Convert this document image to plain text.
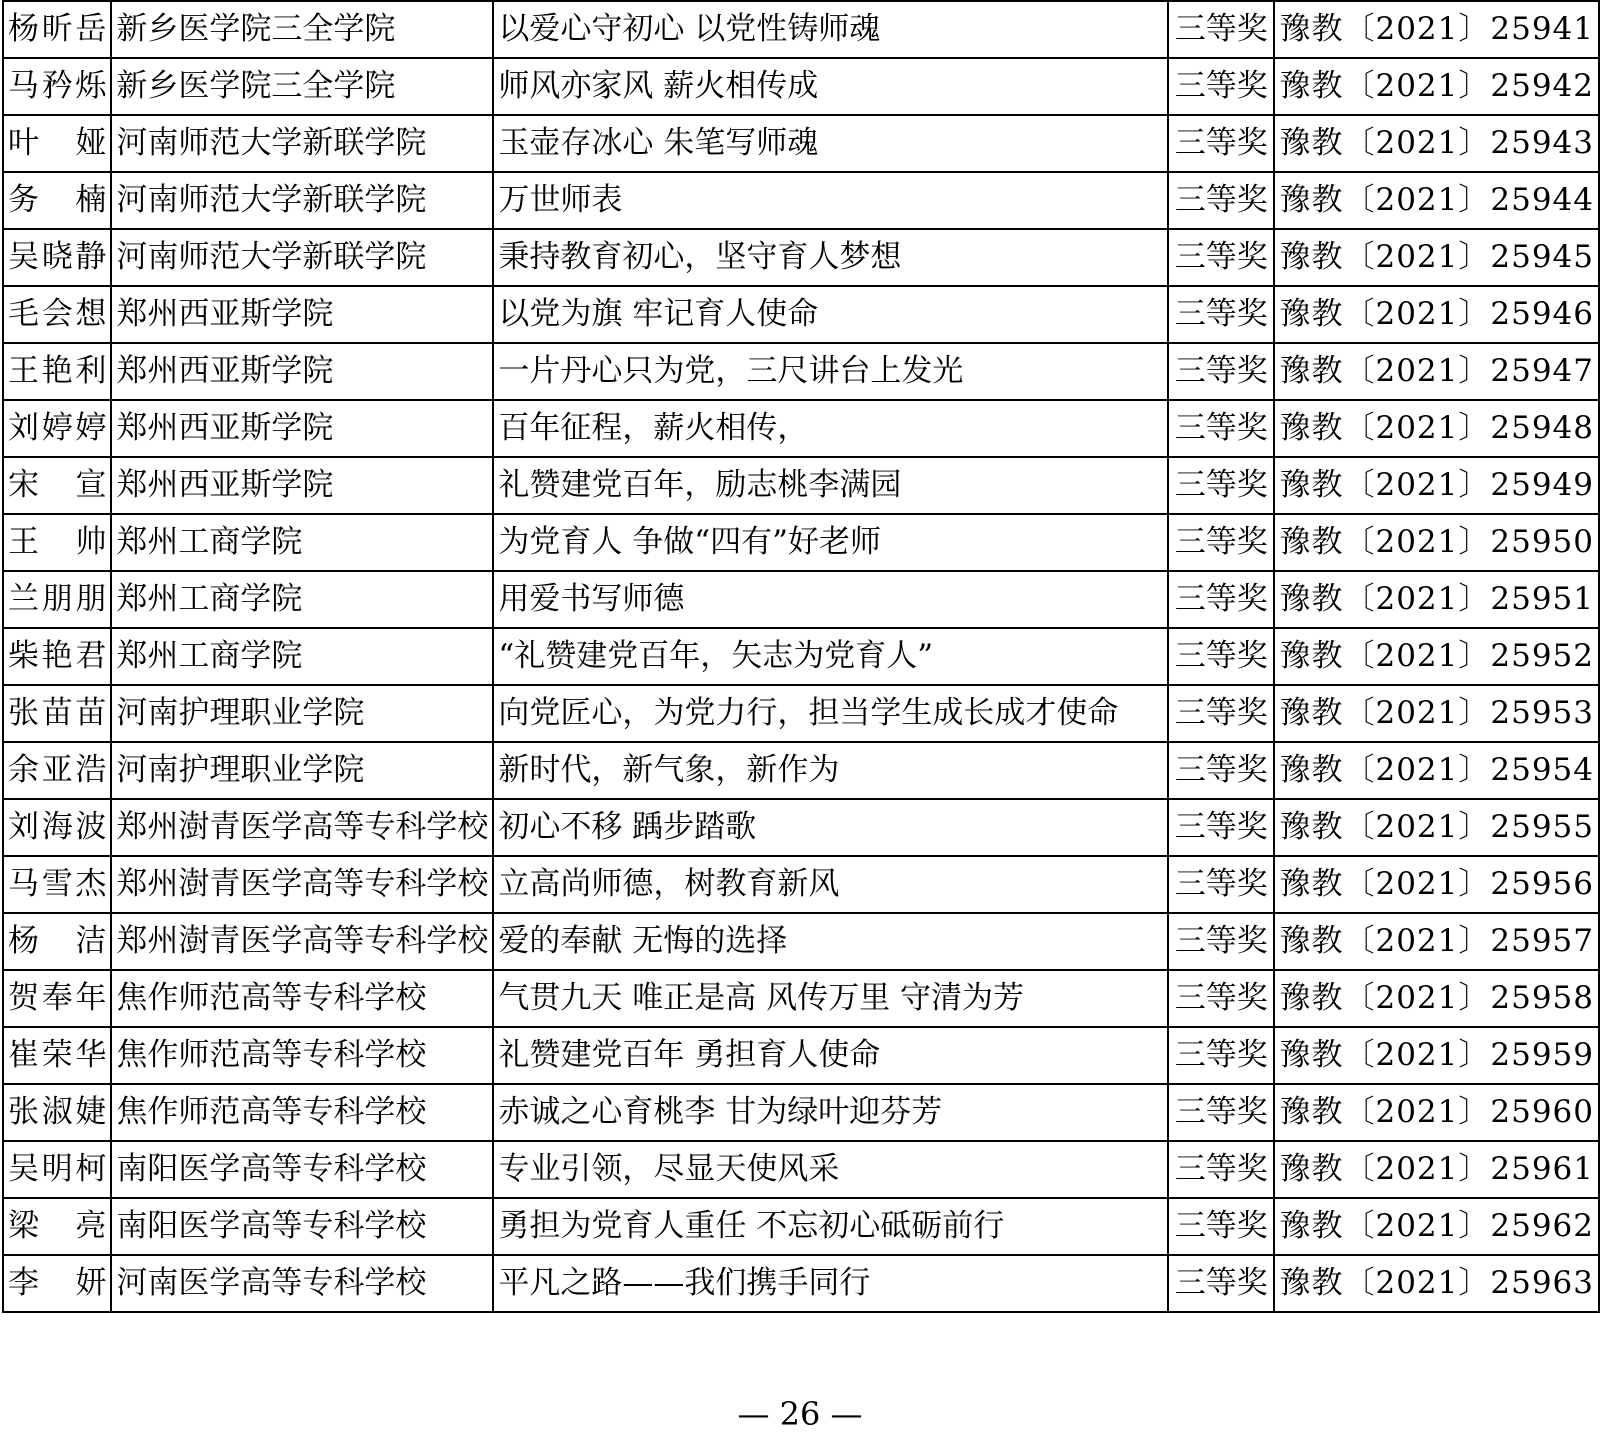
杨昕岳	新乡医学院三全学院	以爱心守初心 以党性铸师魂	三等奖	豫教〔2021〕25941
马矜烁	新乡医学院三全学院	师风亦家风 薪火相传成	三等奖	豫教〔2021〕25942
叶 娅	河南师范大学新联学院	玉壶存冰心 朱笔写师魂	三等奖	豫教〔2021〕25943
务 楠	河南师范大学新联学院	万世师表	三等奖	豫教〔2021〕25944
吴晓静	河南师范大学新联学院	秉持教育初心，坚守育人梦想	三等奖	豫教〔2021〕25945
毛会想	郑州西亚斯学院	以党为旗 牢记育人使命	三等奖	豫教〔2021〕25946
王艳利	郑州西亚斯学院	一片丹心只为党，三尺讲台上发光	三等奖	豫教〔2021〕25947
刘婷婷	郑州西亚斯学院	百年征程，薪火相传，	三等奖	豫教〔2021〕25948
宋 宣	郑州西亚斯学院	礼赞建党百年，励志桃李满园	三等奖	豫教〔2021〕25949
王 帅	郑州工商学院	为党育人 争做“四有”好老师	三等奖	豫教〔2021〕25950
兰朋朋	郑州工商学院	用爱书写师德	三等奖	豫教〔2021〕25951
柴艳君	郑州工商学院	“礼赞建党百年，矢志为党育人”	三等奖	豫教〔2021〕25952
张苗苗	河南护理职业学院	向党匠心，为党力行，担当学生成长成才使命	三等奖	豫教〔2021〕25953
余亚浩	河南护理职业学院	新时代，新气象，新作为	三等奖	豫教〔2021〕25954
刘海波	郑州澍青医学高等专科学校	初心不移 踽步踏歌	三等奖	豫教〔2021〕25955
马雪杰	郑州澍青医学高等专科学校	立高尚师德，树教育新风	三等奖	豫教〔2021〕25956
杨 洁	郑州澍青医学高等专科学校	爱的奉献 无悔的选择	三等奖	豫教〔2021〕25957
贺奉年	焦作师范高等专科学校	气贯九天 唯正是高 风传万里 守清为芳	三等奖	豫教〔2021〕25958
崔荣华	焦作师范高等专科学校	礼赞建党百年 勇担育人使命	三等奖	豫教〔2021〕25959
张淑婕	焦作师范高等专科学校	赤诚之心育桃李 甘为绿叶迎芬芳	三等奖	豫教〔2021〕25960
吴明柯	南阳医学高等专科学校	专业引领，尽显天使风采	三等奖	豫教〔2021〕25961
梁 亮	南阳医学高等专科学校	勇担为党育人重任 不忘初心砥砺前行	三等奖	豫教〔2021〕25962
李 妍	河南医学高等专科学校	平凡之路——我们携手同行	三等奖	豫教〔2021〕25963
— 26 —
